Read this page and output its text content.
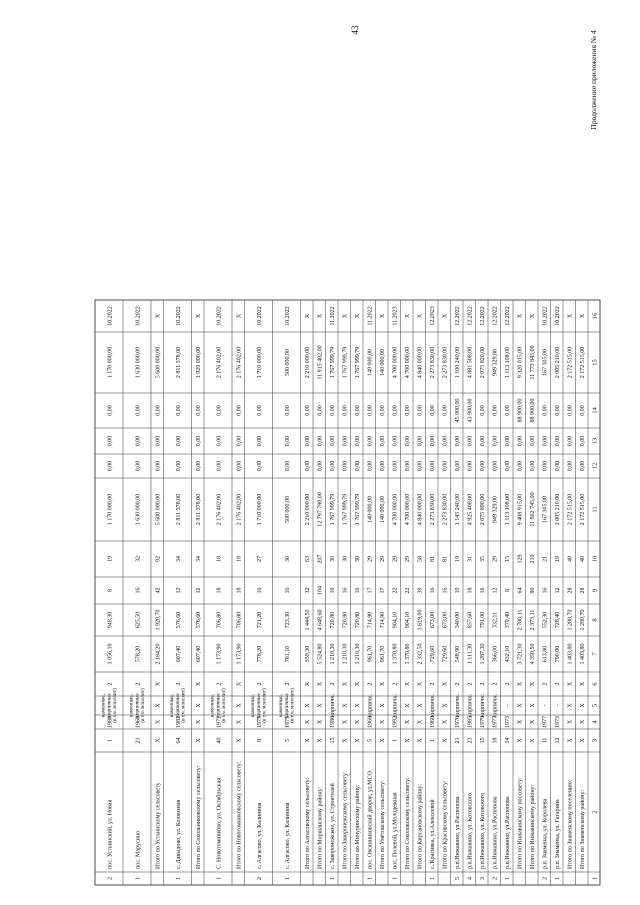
43
Продолжение приложения № 4
1
2
3
4
5
6
7
8
9
10
11
12
13
14
15
16
Итого по Знаменскому району:
X
X
X
X
1 403,80
1 280,70
28
40
2 172 515,00
0,00
0,00
0,00
2 172 515,00
X
Итого по Знаменскому поселению:
X
X
X
X
1 403,80
1 280,70
28
40
2 172 515,00
0,00
0,00
0,00
2 172 515,00
X
1
р.п. Знаменка, ул. Гагарина
12
1973
-
2
790,00
728,40
12
19
2 005 210,00
0,00
0,00
0,00
2 005 210,00
10.2022
2
р.п. Знаменка, ул. Королева
11
1977
-
2
613,80
552,30
16
21
167 305,00
0,00
0,00
0,00
167 305,00
10.2022
Итого по Инжавинскому району:
X
X
X
X
4 350,50
2 373,11
80
210
11 862 745,00
0,00
0,00
88 900,00
11 773 845,00
X
Итого по Инжавинскому поссовету:
X
X
X
X
3 721,30
2 700,11
64
129
9 408 915,00
0,00
0,00
88 900,00
9 320 015,00
X
1
р.п.Инжавино, ул.Распопова
14
1973
-
2
432,10
379,40
8
15
1 113 108,00
0,00
0,00
0,00
1 113 108,00
12.2022
2
р.п.Инжавино, ул.Распопова
18
1977
кирпичн.
2
366,00
332,11
12
29
949 329,00
0,00
0,00
0,00
949 329,00
12.2022
3
р.п.Инжавино, ул. Котовского
15
1979
кирпичн.
2
1 287,30
791,00
16
35
2 075 890,00
0,00
0,00
0,00
2 075 820,00
12.2022
4
р.п.Инжавино, ул. Котовского
23
1985
кирпичн.
2
1 111,30
857,60
18
31
4 925 408,00
0,00
0,00
43 900,00
4 881 508,00
12.2022
5
р.п.Инжавино, ул.Распопова
21
1976
кирпичн.
2
548,90
340,00
10
19
1 145 240,00
0,00
0,00
45 000,00
1 100 240,00
12.2022
Итого по Красивскому сельсовету:
X
X
X
X
729,60
673,00
16
81
2 273 830,00
0,00
0,00
0,00
2 273 830,00
X
1
с. Красивка, ул.Алексеевой
1
1960
кирпичн.
2
729,60
673,00
16
81
2 273 830,00
0,00
0,00
0,00
2 273 830,00
12.2023
Итого по Кирсановскому району:
X
X
X
X
2 332,50
1 619,00
39
58
4 840 000,00
0,00
0,00
0,00
4 840 000,00
X
Итого по Соколовскому сельсовету:
X
X
X
X
1 370,80
904,10
22
29
4 700 000,00
0,00
0,00
0,00
4 700 000,00
X
1
пос. Полевой, ул.Молодежная
1
1992
кирпичн.
2
1 370,80
904,10
22
29
4 700 000,00
0,00
0,00
0,00
4 700 000,00
11.2023
Итого по Умётовскому сельсовету:
X
X
X
X
961,70
714,90
17
29
140 000,00
0,00
0,00
0,00
140 000,00
X
1
пос. Овсянниковский дворок, ул.МСО
5
1968
кирпичн.
2
961,70
714,90
17
29
140 000,00
0,00
0,00
0,00
140 000,00
11.2022
Итого по Мичуринскому району:
X
X
X
X
1 210,30
720,80
16
30
1 767 999,79
0,00
0,00
0,00
1 767 999,79
X
Итого по Заворонежскому сельсовету:
X
X
X
X
1 210,30
720,80
16
30
1 767 999,79
0,00
0,00
0,00
1 767 999,79
X
1
с. Заворонежское, ул. Строителей
15
1986
кирпичн.
2
1 210,30
720,80
16
30
1 767 999,79
0,00
0,00
0,00
1 767 999,79
11.2022
Итого по Моршанскому району:
X
X
X
X
5 524,80
4 648,60
104
207
12 797 780,00
0,00
0,00
0,00
11 915 402,00
X
Итого по Алгасовскому сельсовету:
X
X
X
X
359,30
1 444,50
32
63
2 210 000,00
0,00
0,00
0,00
2 210 000,00
X
1
с. Алгасово, ул. Калинина
5
1975
каменные,кирпичные(в т.ч. монолит)
2
781,10
723,30
16
36
500 000,00
0,00
0,00
0,00
500 000,00
10.2022
2
с. Алгасово, ул. Калинина
8
1975
каменные,кирпичные(в т.ч. монолит)
2
778,20
721,20
16
27
1 710 000,00
0,00
0,00
0,00
1 710 000,00
10.2022
Итого по Новотомниковскому сельсовету:
X
X
X
X
1 173,90
706,80
18
18
2 176 402,00
0,00
0,00
0,00
2 176 402,00
X
1
С. Новотомниково, ул. Октябрьская
40
1972
каменные,кирпичные(в т.ч. монолит)
2
1 173,90
706,80
18
18
2 176 402,00
0,00
0,00
0,00
2 176 402,00
10.2022
Итого по Сокольниковскому сельсовету:
X
X
X
X
607,40
576,60
12
34
2 811 378,00
0,00
0,00
0,00
1 929 000,00
X
1
с. Давыдово, ул. Колхозная
64
1982
каменные,кирпичные(в т.ч. монолит)
2
607,40
576,60
12
34
2 811 378,00
0,00
0,00
0,00
2 811 378,00
10.2022
Итого по Устьинскому сельсовету
X
X
X
X
2 184,20
1 920,70
42
92
5 600 000,00
0,00
0,00
0,00
5 600 000,00
X
1
пос. Марусино
21
1968
каменные,кирпичные(в т.ч. монолит)
2
578,20
625,50
16
32
1 630 000,00
0,00
0,00
0,00
1 630 000,00
10.2022
2
пос. Устьинский, ул. Новая
1
1988
каменные,кирпичные(в т.ч. монолит)
2
1 056,10
948,30
8
19
1 170 000,00
0,00
0,00
0,00
1 170 000,00
10.2022
